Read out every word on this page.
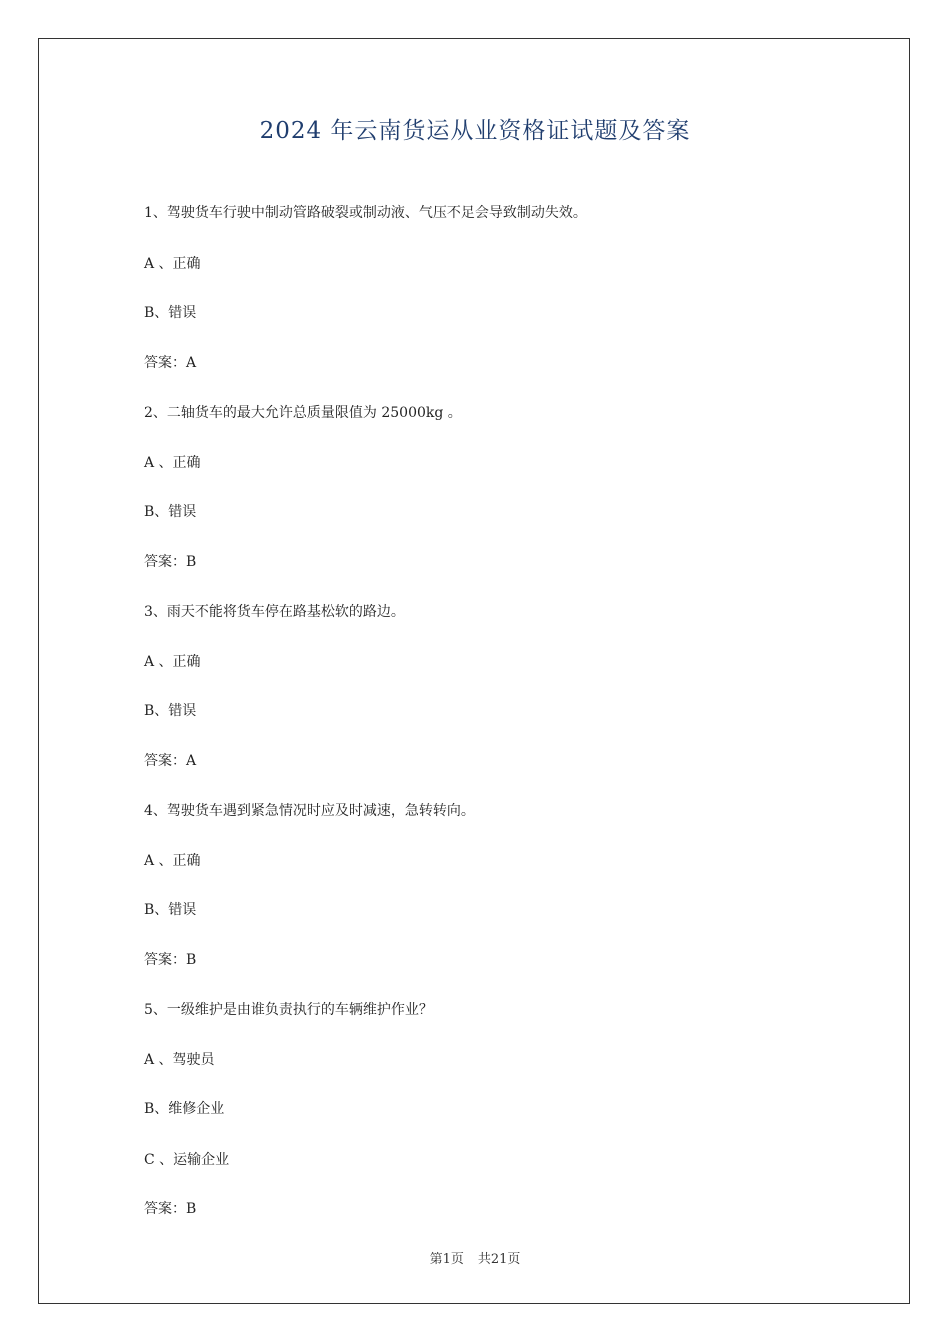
2024 年云南货运从业资格证试题及答案

1、驾驶货车行驶中制动管路破裂或制动液、气压不足会导致制动失效。

A 、正确

B、错误

答案：A

2、二轴货车的最大允许总质量限值为 25000kg 。

A 、正确

B、错误

答案：B

3、雨天不能将货车停在路基松软的路边。

A 、正确

B、错误

答案：A

4、驾驶货车遇到紧急情况时应及时减速，急转转向。

A 、正确

B、错误

答案：B

5、一级维护是由谁负责执行的车辆维护作业？

A 、驾驶员

B、维修企业

C 、运输企业

答案：B

第1页 共21页
